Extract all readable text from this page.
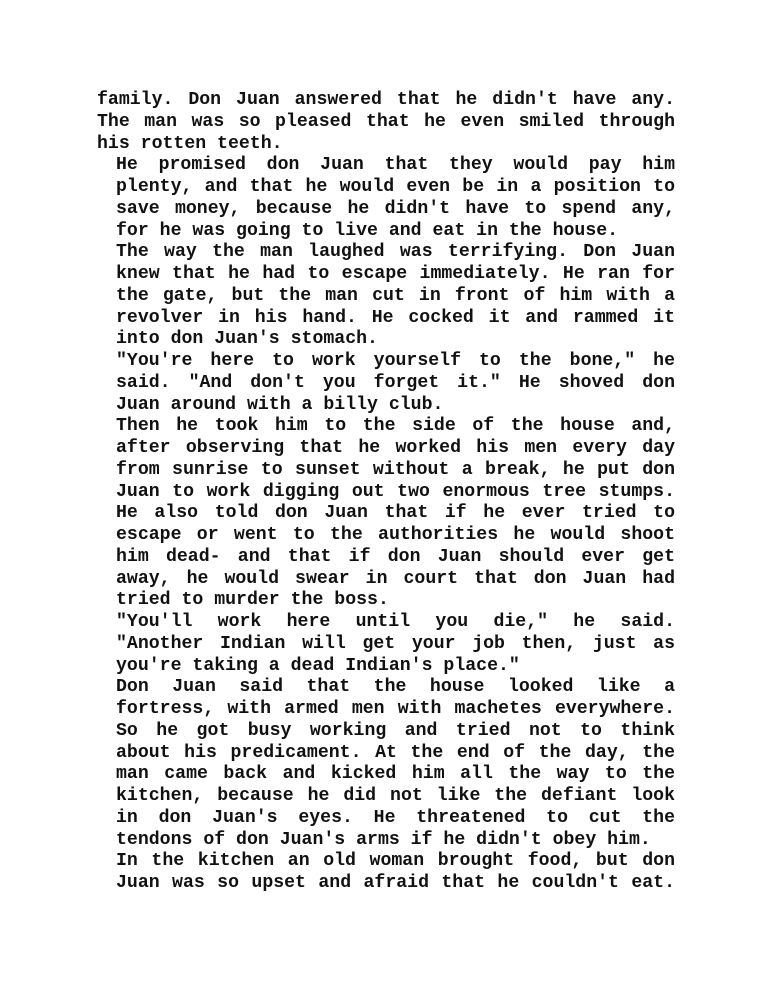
family. Don Juan answered that he didn't have any.
The man was so pleased that he even smiled through
his rotten teeth.
He promised don Juan that they would pay him
plenty, and that he would even be in a position to
save money, because he didn't have to spend any,
for he was going to live and eat in the house.
The way the man laughed was terrifying. Don Juan
knew that he had to escape immediately. He ran for
the gate, but the man cut in front of him with a
revolver in his hand. He cocked it and rammed it
into don Juan's stomach.
"You're here to work yourself to the bone," he
said. "And don't you forget it." He shoved don
Juan around with a billy club.
Then he took him to the side of the house and,
after observing that he worked his men every day
from sunrise to sunset without a break, he put don
Juan to work digging out two enormous tree stumps.
He also told don Juan that if he ever tried to
escape or went to the authorities he would shoot
him dead- and that if don Juan should ever get
away, he would swear in court that don Juan had
tried to murder the boss.
"You'll work here until you die," he said.
"Another Indian will get your job then, just as
you're taking a dead Indian's place."
Don Juan said that the house looked like a
fortress, with armed men with machetes everywhere.
So he got busy working and tried not to think
about his predicament. At the end of the day, the
man came back and kicked him all the way to the
kitchen, because he did not like the defiant look
in don Juan's eyes. He threatened to cut the
tendons of don Juan's arms if he didn't obey him.
In the kitchen an old woman brought food, but don
Juan was so upset and afraid that he couldn't eat.
